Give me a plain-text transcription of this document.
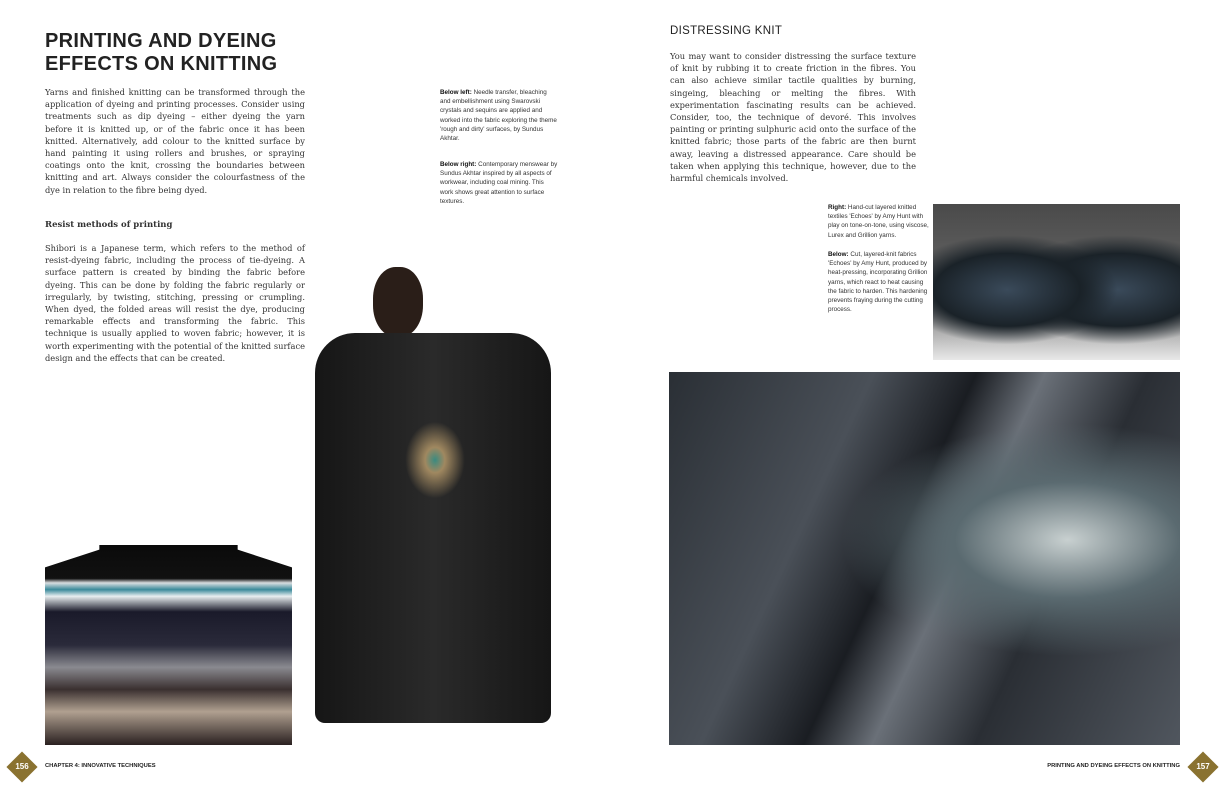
PRINTING AND DYEING EFFECTS ON KNITTING
Yarns and finished knitting can be transformed through the application of dyeing and printing processes. Consider using treatments such as dip dyeing – either dyeing the yarn before it is knitted up, or of the fabric once it has been knitted. Alternatively, add colour to the knitted surface by hand painting it using rollers and brushes, or spraying coatings onto the knit, crossing the boundaries between knitting and art. Always consider the colourfastness of the dye in relation to the fibre being dyed.
Resist methods of printing
Shibori is a Japanese term, which refers to the method of resist-dyeing fabric, including the process of tie-dyeing. A surface pattern is created by binding the fabric before dyeing. This can be done by folding the fabric regularly or irregularly, by twisting, stitching, pressing or crumpling. When dyed, the folded areas will resist the dye, producing remarkable effects and transforming the fabric. This technique is usually applied to woven fabric; however, it is worth experimenting with the potential of the knitted surface design and the effects that can be created.
Below left: Needle transfer, bleaching and embellishment using Swarovski crystals and sequins are applied and worked into the fabric exploring the theme 'rough and dirty' surfaces, by Sundus Akhtar.
Below right: Contemporary menswear by Sundus Akhtar inspired by all aspects of workwear, including coal mining. This work shows great attention to surface textures.
DISTRESSING KNIT
You may want to consider distressing the surface texture of knit by rubbing it to create friction in the fibres. You can also achieve similar tactile qualities by burning, singeing, bleaching or melting the fibres. With experimentation fascinating results can be achieved. Consider, too, the technique of devoré. This involves painting or printing sulphuric acid onto the surface of the knitted fabric; those parts of the fabric are then burnt away, leaving a distressed appearance. Care should be taken when applying this technique, however, due to the harmful chemicals involved.
Right: Hand-cut layered knitted textiles 'Echoes' by Amy Hunt with play on tone-on-tone, using viscose, Lurex and Grillion yarns.
Below: Cut, layered-knit fabrics 'Echoes' by Amy Hunt, produced by heat-pressing, incorporating Grillion yarns, which react to heat causing the fabric to harden. This hardening prevents fraying during the cutting process.
156	CHAPTER 4: INNOVATIVE TECHNIQUES	PRINTING AND DYEING EFFECTS ON KNITTING	157
